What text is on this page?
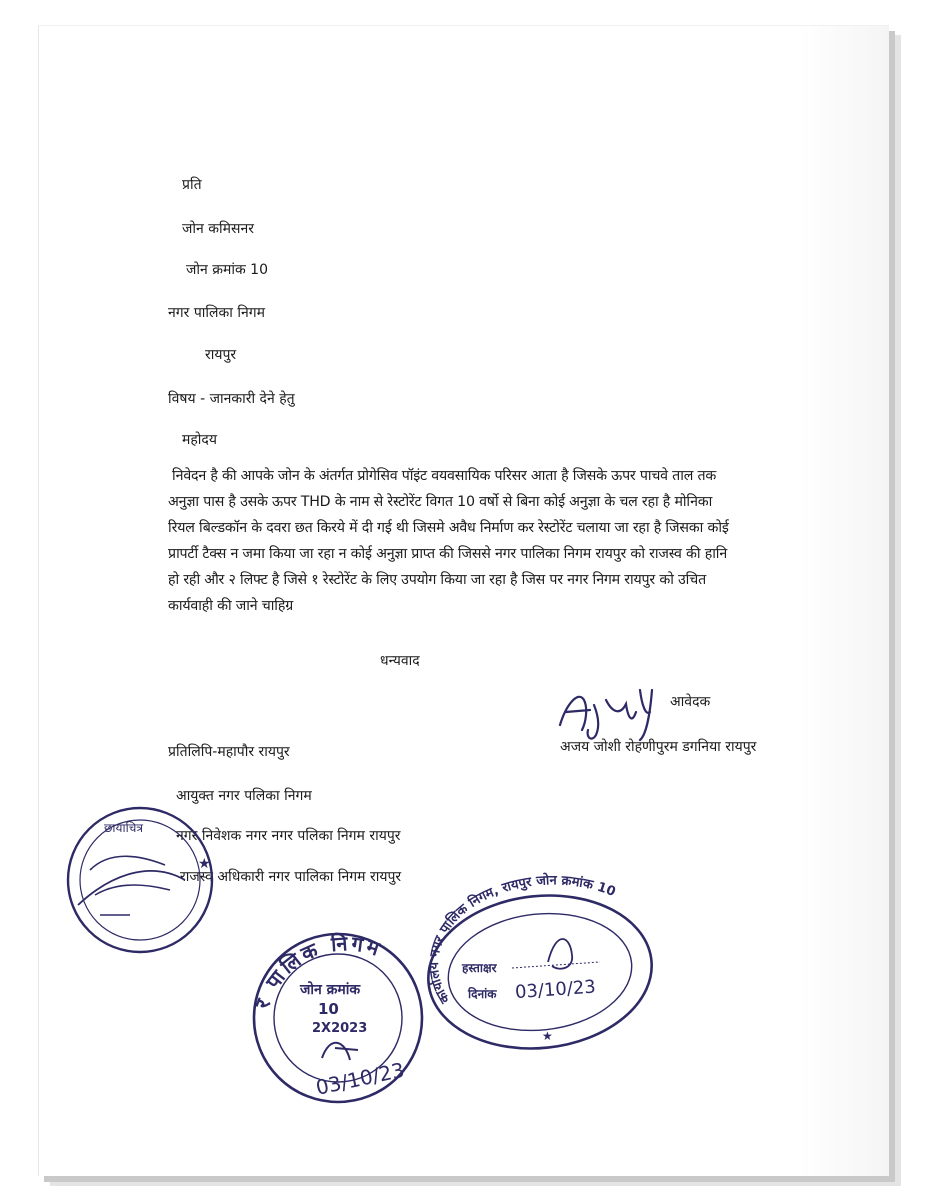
प्रति
जोन कमिसनर
जोन क्रमांक 10
नगर पालिका निगम
रायपुर
विषय - जानकारी देने हेतु
महोदय
निवेदन है की आपके जोन के अंतर्गत प्रोगेसिव पॉइंट वयवसायिक परिसर आता है जिसके ऊपर पाचवे ताल तक
अनुज्ञा पास है उसके ऊपर THD के नाम से रेस्टोरेंट विगत 10 वर्षो से बिना कोई अनुज्ञा के चल रहा है मोनिका
रियल बिल्डकॉन के दवरा छत किरये में दी गई थी जिसमे अवैध निर्माण कर रेस्टोरेंट चलाया जा रहा है जिसका कोई
प्रापर्टी टैक्स न जमा किया जा रहा न कोई अनुज्ञा प्राप्त की जिससे नगर पालिका निगम रायपुर को राजस्व की हानि
हो रही और २ लिफ्ट है जिसे १ रेस्टोरेंट के लिए उपयोग किया जा रहा है जिस पर नगर निगम रायपुर को उचित
कार्यवाही की जाने चाहिग्र
धन्यवाद
आवेदक
अजय जोशी रोहणीपुरम डगनिया रायपुर
प्रतिलिपि-महापौर रायपुर
आयुक्त नगर पलिका निगम
नगर निवेशक नगर नगर पलिका निगम रायपुर
राजस्व अधिकारी नगर पालिका निगम रायपुर
छायाचित्र
★
र पालिक निगम
जोन क्रमांक
10
2X2023
03/10/23
कार्यालय नगर पालिक निगम, रायपुर जोन क्रमांक 10
हस्ताक्षर
दिनांक 03/10/23
★
